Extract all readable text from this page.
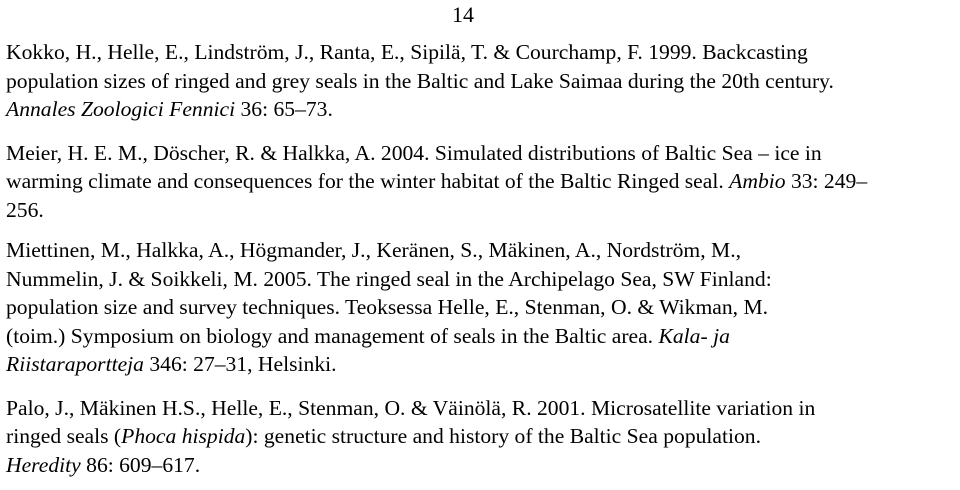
14

Kokko, H., Helle, E., Lindström, J., Ranta, E., Sipilä, T. & Courchamp, F. 1999. Backcasting
population sizes of ringed and grey seals in the Baltic and Lake Saimaa during the 20th century.
Annales Zoologici Fennici 36: 65–73.

Meier, H. E. M., Döscher, R. & Halkka, A. 2004. Simulated distributions of Baltic Sea – ice in
warming climate and consequences for the winter habitat of the Baltic Ringed seal. Ambio 33: 249–
256.

Miettinen, M., Halkka, A., Högmander, J., Keränen, S., Mäkinen, A., Nordström, M.,
Nummelin, J. & Soikkeli, M. 2005. The ringed seal in the Archipelago Sea, SW Finland:
population size and survey techniques. Teoksessa Helle, E., Stenman, O. & Wikman, M.
(toim.) Symposium on biology and management of seals in the Baltic area. Kala- ja
Riistaraportteja 346: 27–31, Helsinki.

Palo, J., Mäkinen H.S., Helle, E., Stenman, O. & Väinölä, R. 2001. Microsatellite variation in
ringed seals (Phoca hispida): genetic structure and history of the Baltic Sea population.
Heredity 86: 609–617.
